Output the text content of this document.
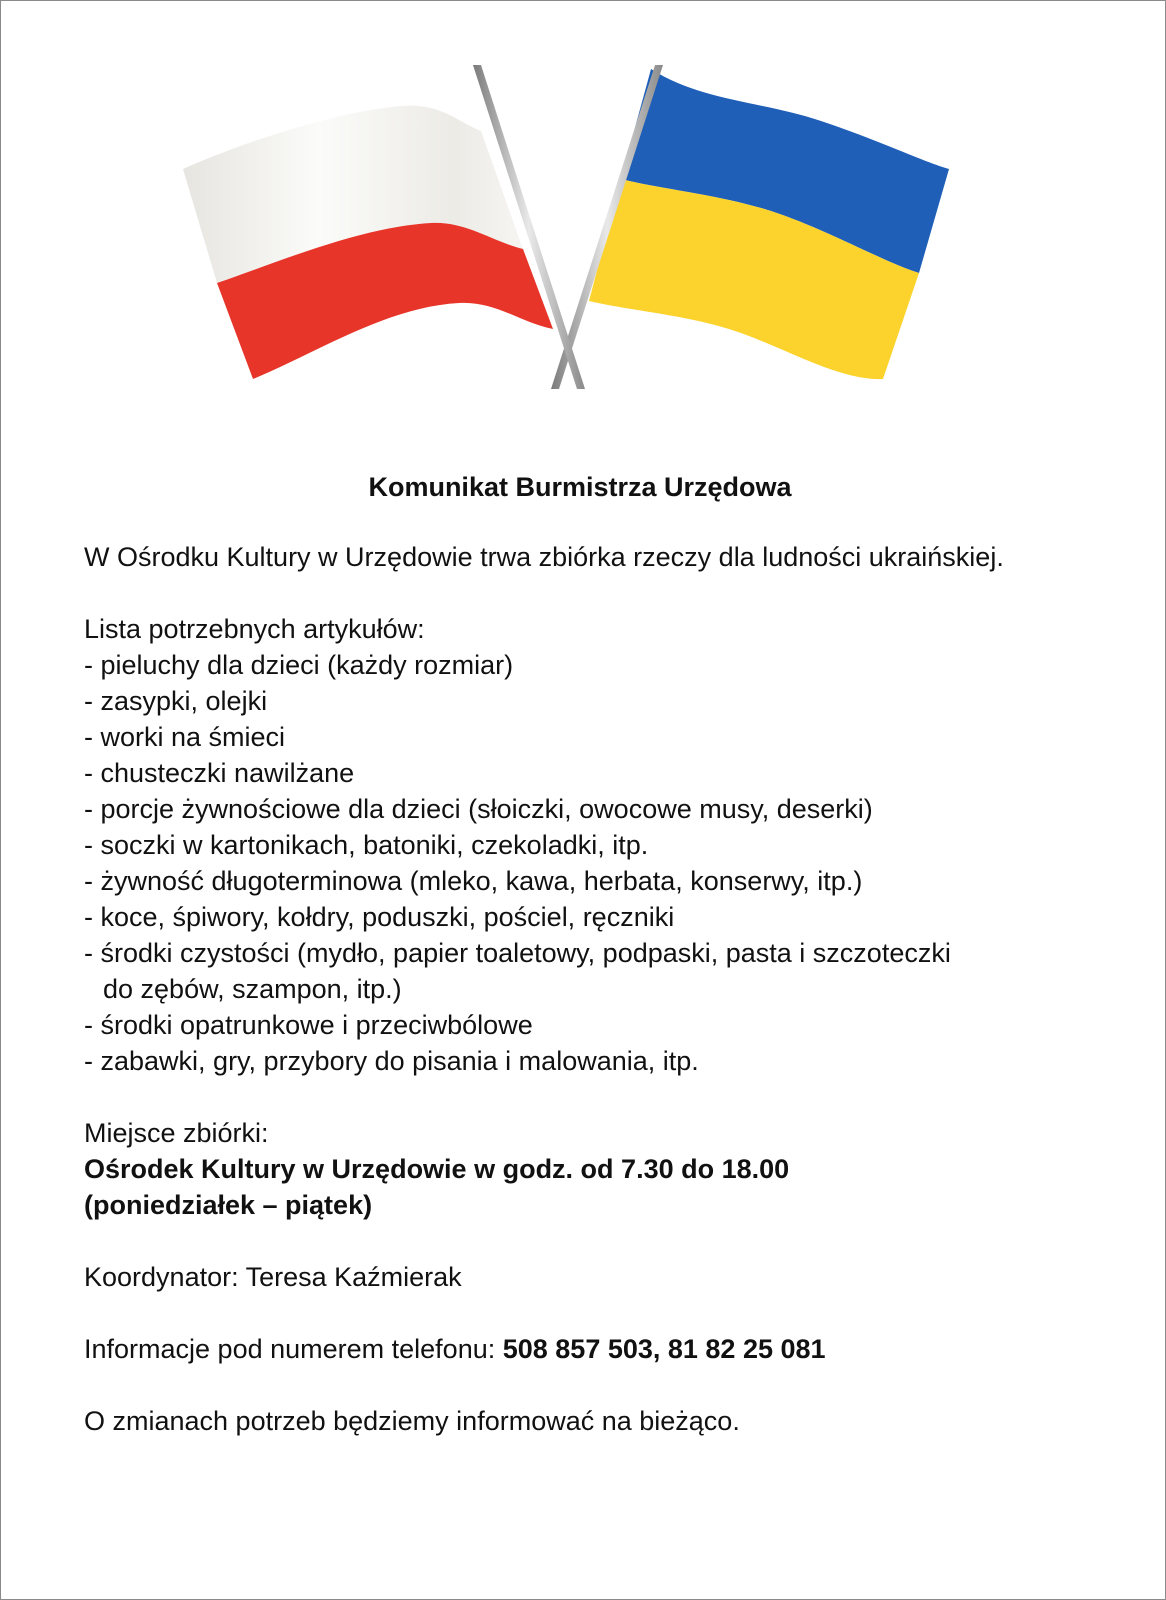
Komunikat Burmistrza Urzędowa

W Ośrodku Kultury w Urzędowie trwa zbiórka rzeczy dla ludności ukraińskiej.

Lista potrzebnych artykułów:

- pieluchy dla dzieci (każdy rozmiar)
- zasypki, olejki
- worki na śmieci
- chusteczki nawilżane
- porcje żywnościowe dla dzieci (słoiczki, owocowe musy, deserki)
- soczki w kartonikach, batoniki, czekoladki, itp.
- żywność długoterminowa (mleko, kawa, herbata, konserwy, itp.)
- koce, śpiwory, kołdry, poduszki, pościel, ręczniki
- środki czystości (mydło, papier toaletowy, podpaski, pasta i szczoteczki do zębów, szampon, itp.)
- środki opatrunkowe i przeciwbólowe
- zabawki, gry, przybory do pisania i malowania, itp.

Miejsce zbiórki:

Ośrodek Kultury w Urzędowie w godz. od 7.30 do 18.00

(poniedziałek – piątek)

Koordynator: Teresa Kaźmierak

Informacje pod numerem telefonu: 508 857 503, 81 82 25 081

O zmianach potrzeb będziemy informować na bieżąco.
